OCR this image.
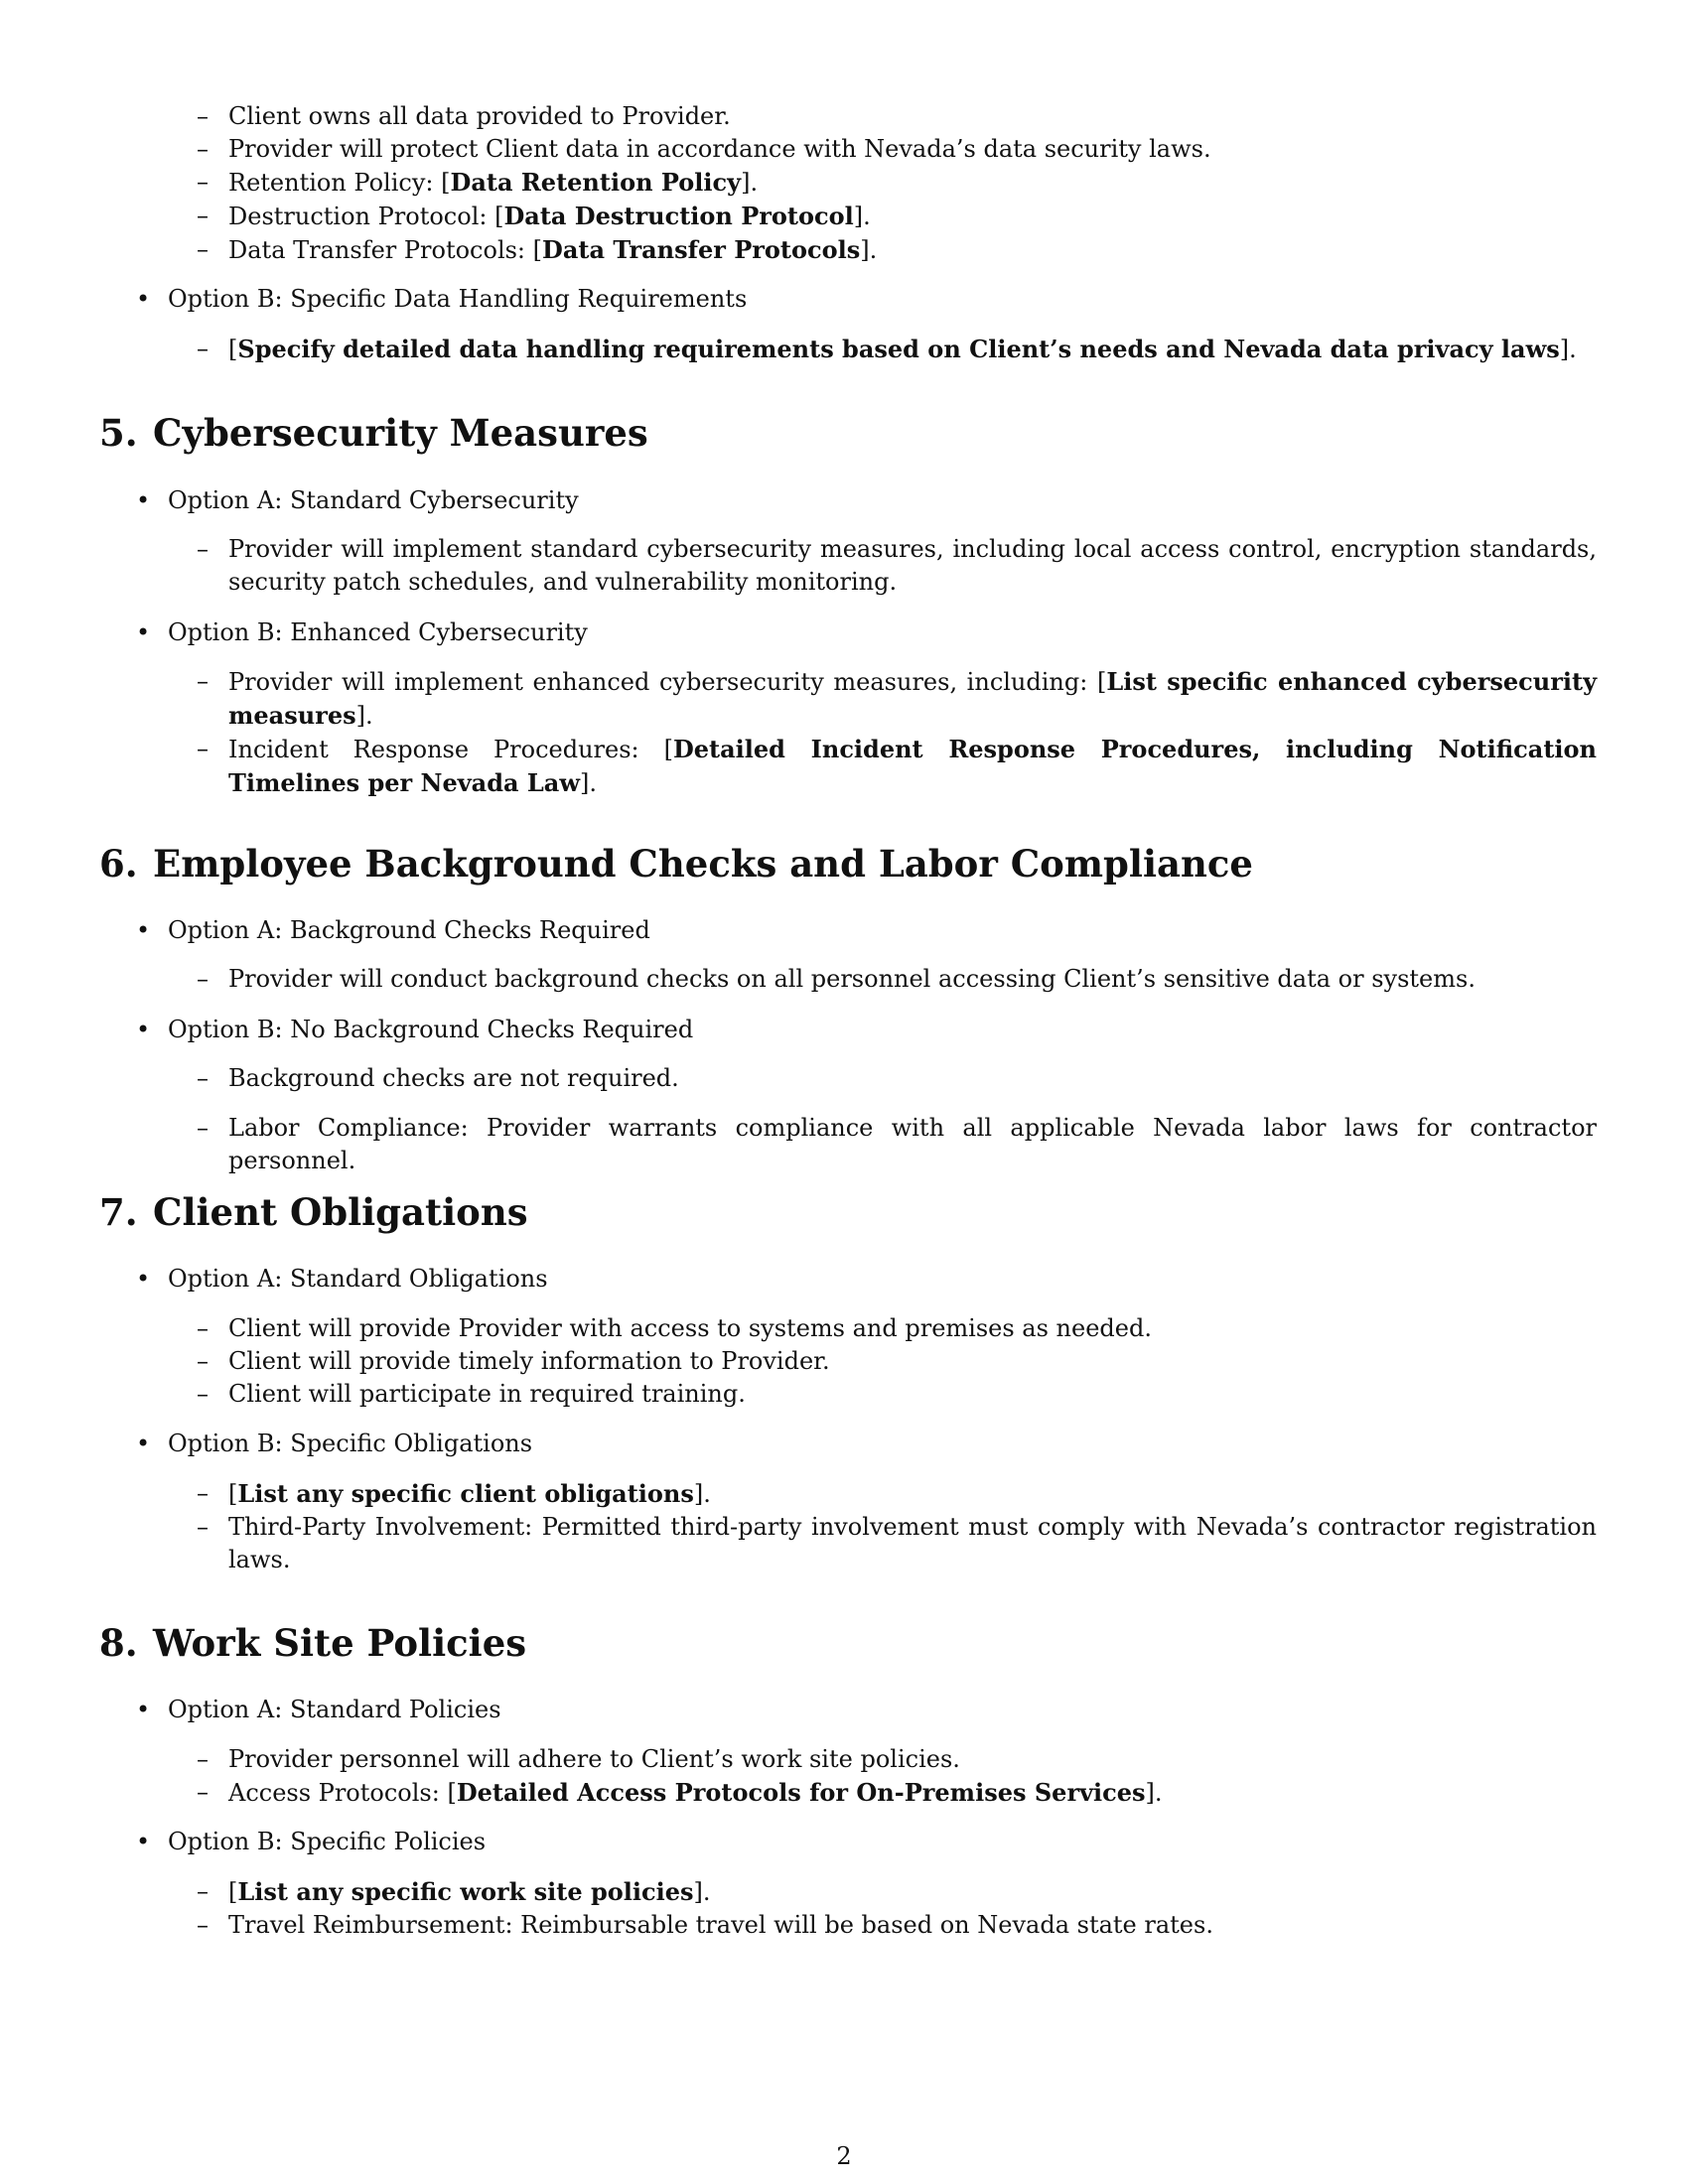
– Client owns all data provided to Provider.
– Provider will protect Client data in accordance with Nevada’s data security laws.
– Retention Policy: [Data Retention Policy].
– Destruction Protocol: [Data Destruction Protocol].
– Data Transfer Protocols: [Data Transfer Protocols].
• Option B: Specific Data Handling Requirements
– [Specify detailed data handling requirements based on Client’s needs and Nevada data privacy laws].
5. Cybersecurity Measures
• Option A: Standard Cybersecurity
– Provider will implement standard cybersecurity measures, including local access control, encryption standards, security patch schedules, and vulnerability monitoring.
• Option B: Enhanced Cybersecurity
– Provider will implement enhanced cybersecurity measures, including: [List specific enhanced cybersecurity measures].
– Incident Response Procedures: [Detailed Incident Response Procedures, including Notification Timelines per Nevada Law].
6. Employee Background Checks and Labor Compliance
• Option A: Background Checks Required
– Provider will conduct background checks on all personnel accessing Client’s sensitive data or systems.
• Option B: No Background Checks Required
– Background checks are not required.
– Labor Compliance: Provider warrants compliance with all applicable Nevada labor laws for contractor personnel.
7. Client Obligations
• Option A: Standard Obligations
– Client will provide Provider with access to systems and premises as needed.
– Client will provide timely information to Provider.
– Client will participate in required training.
• Option B: Specific Obligations
– [List any specific client obligations].
– Third-Party Involvement: Permitted third-party involvement must comply with Nevada’s contractor registration laws.
8. Work Site Policies
• Option A: Standard Policies
– Provider personnel will adhere to Client’s work site policies.
– Access Protocols: [Detailed Access Protocols for On-Premises Services].
• Option B: Specific Policies
– [List any specific work site policies].
– Travel Reimbursement: Reimbursable travel will be based on Nevada state rates.
2
